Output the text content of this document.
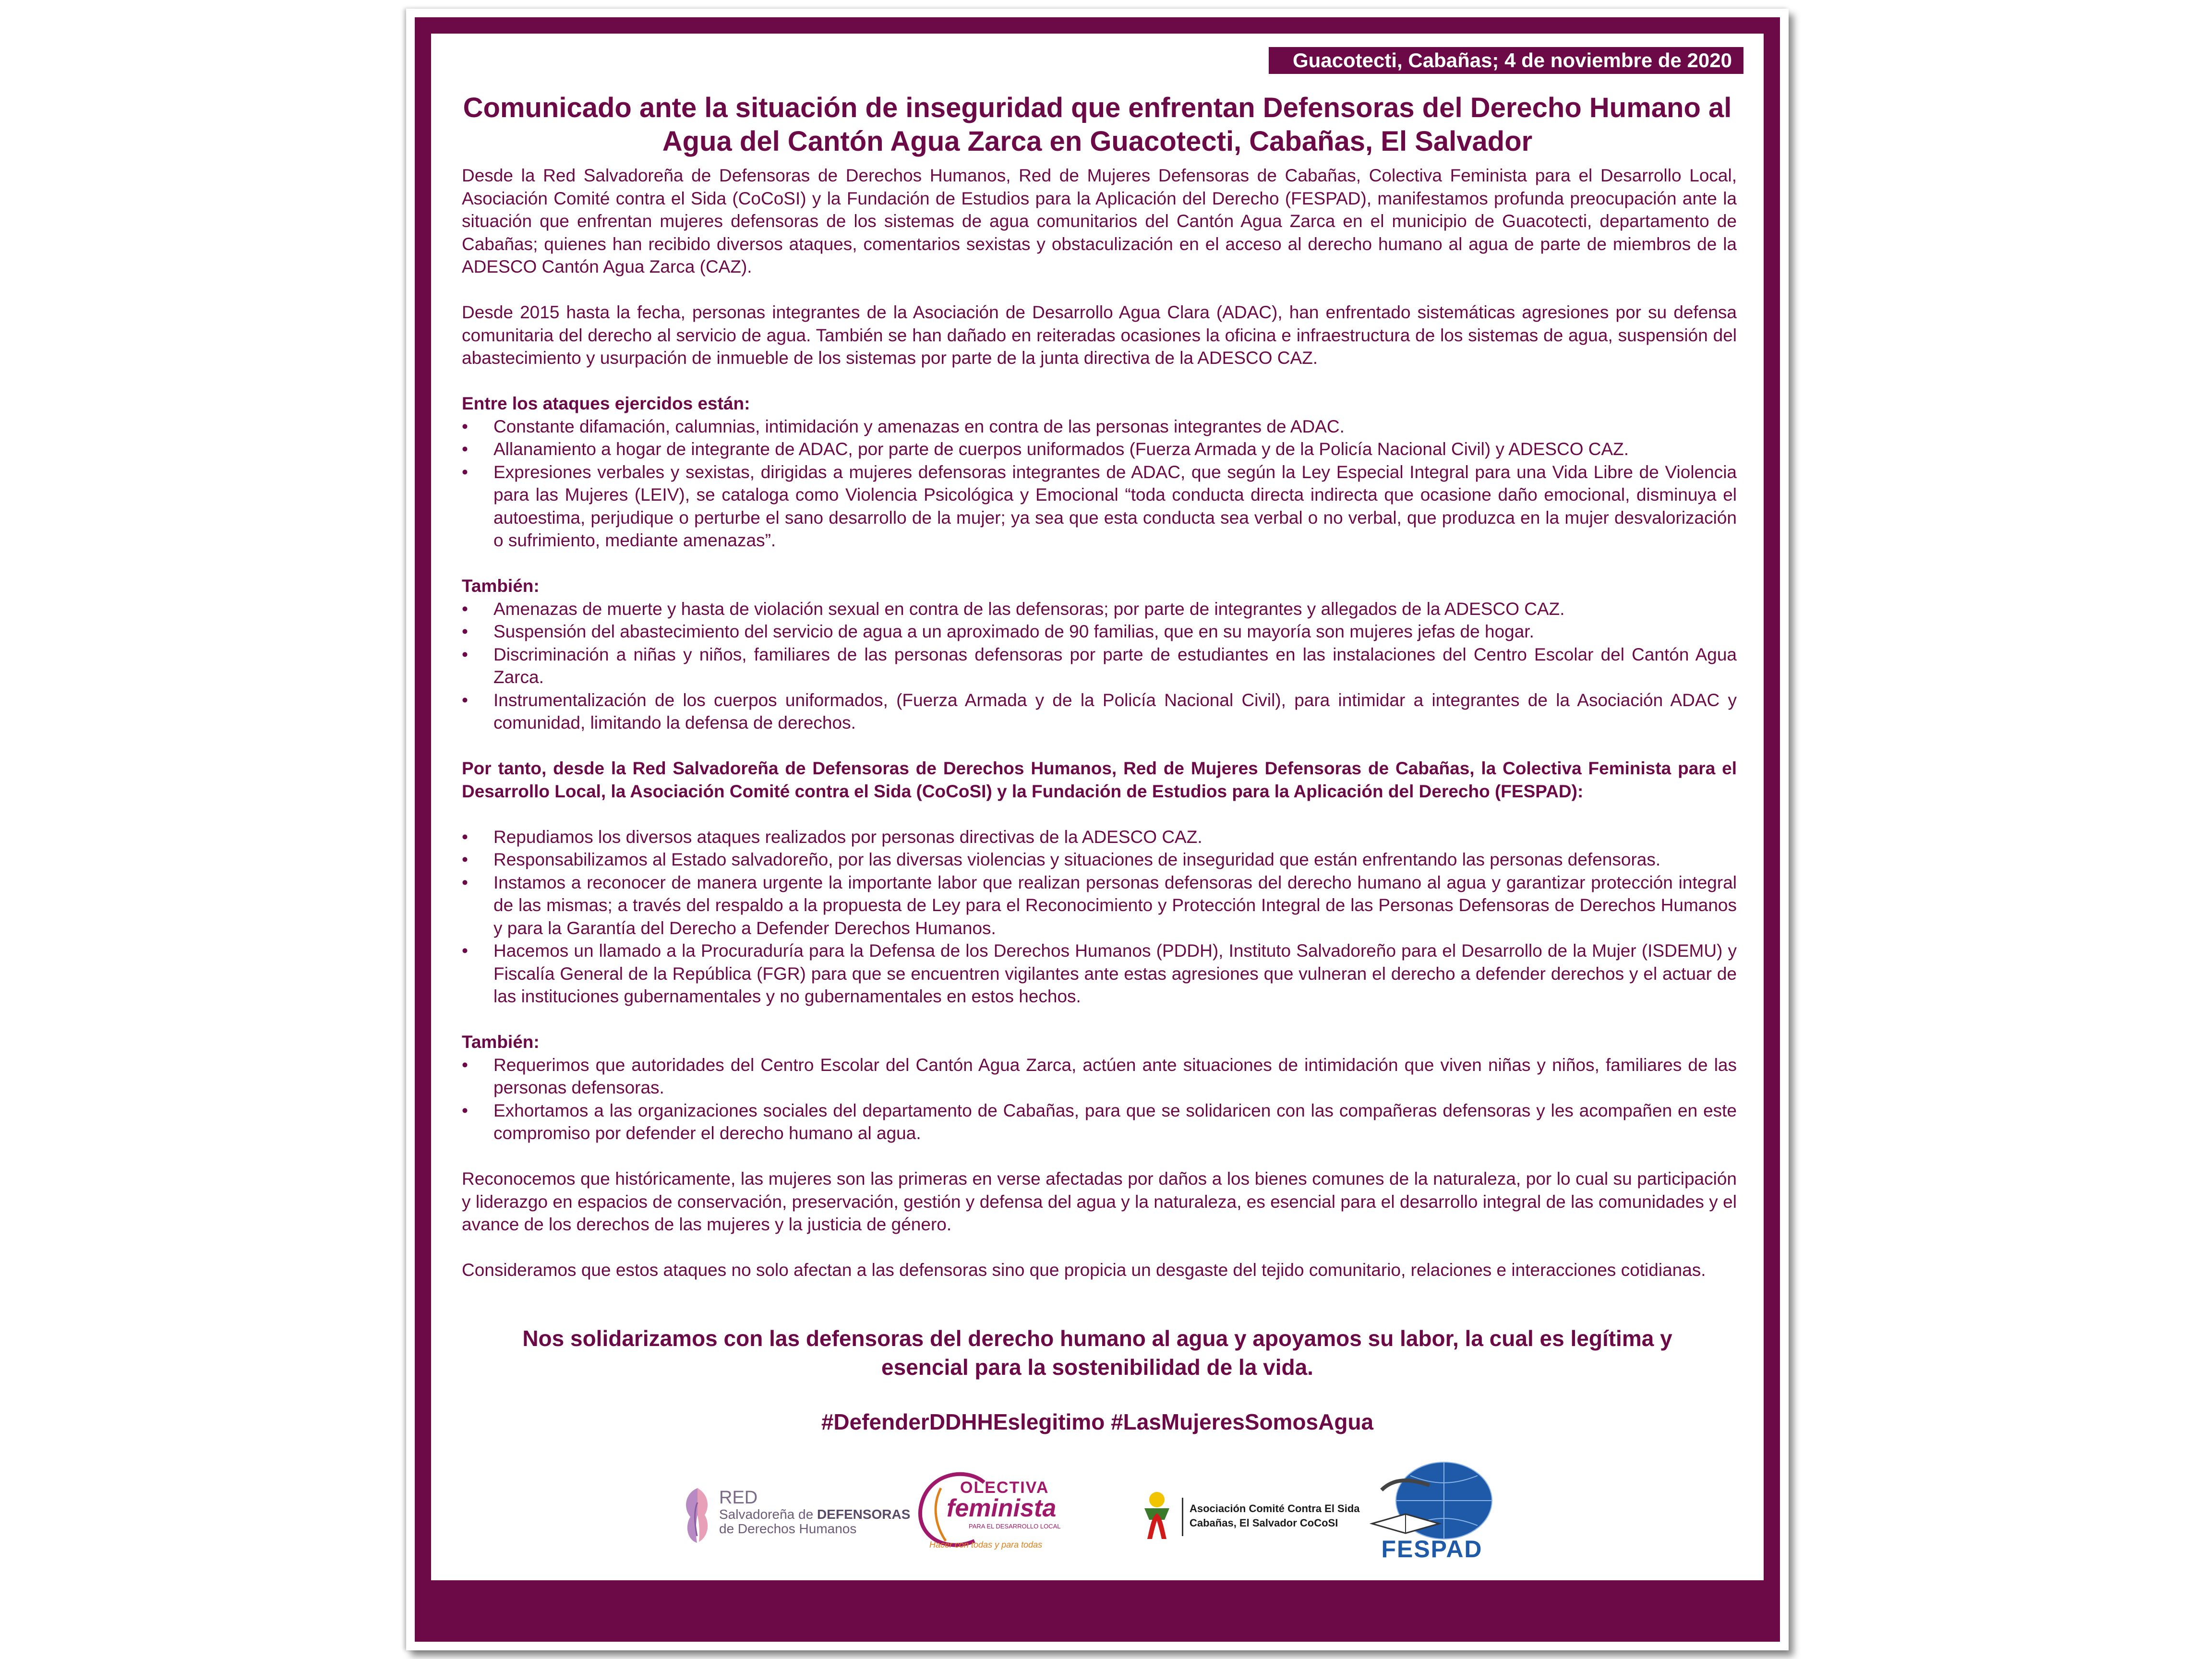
Guacotecti, Cabañas; 4 de noviembre de 2020
Comunicado ante la situación de inseguridad que enfrentan Defensoras del Derecho Humano al Agua del Cantón Agua Zarca en Guacotecti, Cabañas, El Salvador

Desde la Red Salvadoreña de Defensoras de Derechos Humanos, Red de Mujeres Defensoras de Cabañas, Colectiva Feminista para el Desarrollo Local, Asociación Comité contra el Sida (CoCoSI) y la Fundación de Estudios para la Aplicación del Derecho (FESPAD), manifestamos profunda preocupación ante la situación que enfrentan mujeres defensoras de los sistemas de agua comunitarios del Cantón Agua Zarca en el municipio de Guacotecti, departamento de Cabañas; quienes han recibido diversos ataques, comentarios sexistas y obstaculización en el acceso al derecho humano al agua de parte de miembros de la ADESCO Cantón Agua Zarca (CAZ).

Desde 2015 hasta la fecha, personas integrantes de la Asociación de Desarrollo Agua Clara (ADAC), han enfrentado sistemáticas agresiones por su defensa comunitaria del derecho al servicio de agua. También se han dañado en reiteradas ocasiones la oficina e infraestructura de los sistemas de agua, suspensión del abastecimiento y usurpación de inmueble de los sistemas por parte de la junta directiva de la ADESCO CAZ.

Entre los ataques ejercidos están:

• Constante difamación, calumnias, intimidación y amenazas en contra de las personas integrantes de ADAC.
• Allanamiento a hogar de integrante de ADAC, por parte de cuerpos uniformados (Fuerza Armada y de la Policía Nacional Civil) y ADESCO CAZ.
• Expresiones verbales y sexistas, dirigidas a mujeres defensoras integrantes de ADAC, que según la Ley Especial Integral para una Vida Libre de Violencia para las Mujeres (LEIV), se cataloga como Violencia Psicológica y Emocional “toda conducta directa indirecta que ocasione daño emocional, disminuya el autoestima, perjudique o perturbe el sano desarrollo de la mujer; ya sea que esta conducta sea verbal o no verbal, que produzca en la mujer desvalorización o sufrimiento, mediante amenazas”.

También:

• Amenazas de muerte y hasta de violación sexual en contra de las defensoras; por parte de integrantes y allegados de la ADESCO CAZ.
• Suspensión del abastecimiento del servicio de agua a un aproximado de 90 familias, que en su mayoría son mujeres jefas de hogar.
• Discriminación a niñas y niños, familiares de las personas defensoras por parte de estudiantes en las instalaciones del Centro Escolar del Cantón Agua Zarca.
• Instrumentalización de los cuerpos uniformados, (Fuerza Armada y de la Policía Nacional Civil), para intimidar a integrantes de la Asociación ADAC y comunidad, limitando la defensa de derechos.

Por tanto, desde la Red Salvadoreña de Defensoras de Derechos Humanos, Red de Mujeres Defensoras de Cabañas, la Colectiva Feminista para el Desarrollo Local, la Asociación Comité contra el Sida (CoCoSI) y la Fundación de Estudios para la Aplicación del Derecho (FESPAD):

• Repudiamos los diversos ataques realizados por personas directivas de la ADESCO CAZ.
• Responsabilizamos al Estado salvadoreño, por las diversas violencias y situaciones de inseguridad que están enfrentando las personas defensoras.
• Instamos a reconocer de manera urgente la importante labor que realizan personas defensoras del derecho humano al agua y garantizar protección integral de las mismas; a través del respaldo a la propuesta de Ley para el Reconocimiento y Protección Integral de las Personas Defensoras de Derechos Humanos y para la Garantía del Derecho a Defender Derechos Humanos.
• Hacemos un llamado a la Procuraduría para la Defensa de los Derechos Humanos (PDDH), Instituto Salvadoreño para el Desarrollo de la Mujer (ISDEMU) y Fiscalía General de la República (FGR) para que se encuentren vigilantes ante estas agresiones que vulneran el derecho a defender derechos y el actuar de las instituciones gubernamentales y no gubernamentales en estos hechos.

También:

• Requerimos que autoridades del Centro Escolar del Cantón Agua Zarca, actúen ante situaciones de intimidación que viven niñas y niños, familiares de las personas defensoras.
• Exhortamos a las organizaciones sociales del departamento de Cabañas, para que se solidaricen con las compañeras defensoras y les acompañen en este compromiso por defender el derecho humano al agua.

Reconocemos que históricamente, las mujeres son las primeras en verse afectadas por daños a los bienes comunes de la naturaleza, por lo cual su participación y liderazgo en espacios de conservación, preservación, gestión y defensa del agua y la naturaleza, es esencial para el desarrollo integral de las comunidades y el avance de los derechos de las mujeres y la justicia de género.

Consideramos que estos ataques no solo afectan a las defensoras sino que propicia un desgaste del tejido comunitario, relaciones e interacciones cotidianas.

Nos solidarizamos con las defensoras del derecho humano al agua y apoyamos su labor, la cual es legítima y esencial para la sostenibilidad de la vida.

#DefenderDDHHEslegitimo #LasMujeresSomosAgua

RED
Salvadoreña de DEFENSORAS
de Derechos Humanos
OLECTIVA
feminista
PARA EL DESARROLLO LOCAL
Hacer con todas y para todas
Asociación Comité Contra El Sida
Cabañas, El Salvador CoCoSI
FESPAD
